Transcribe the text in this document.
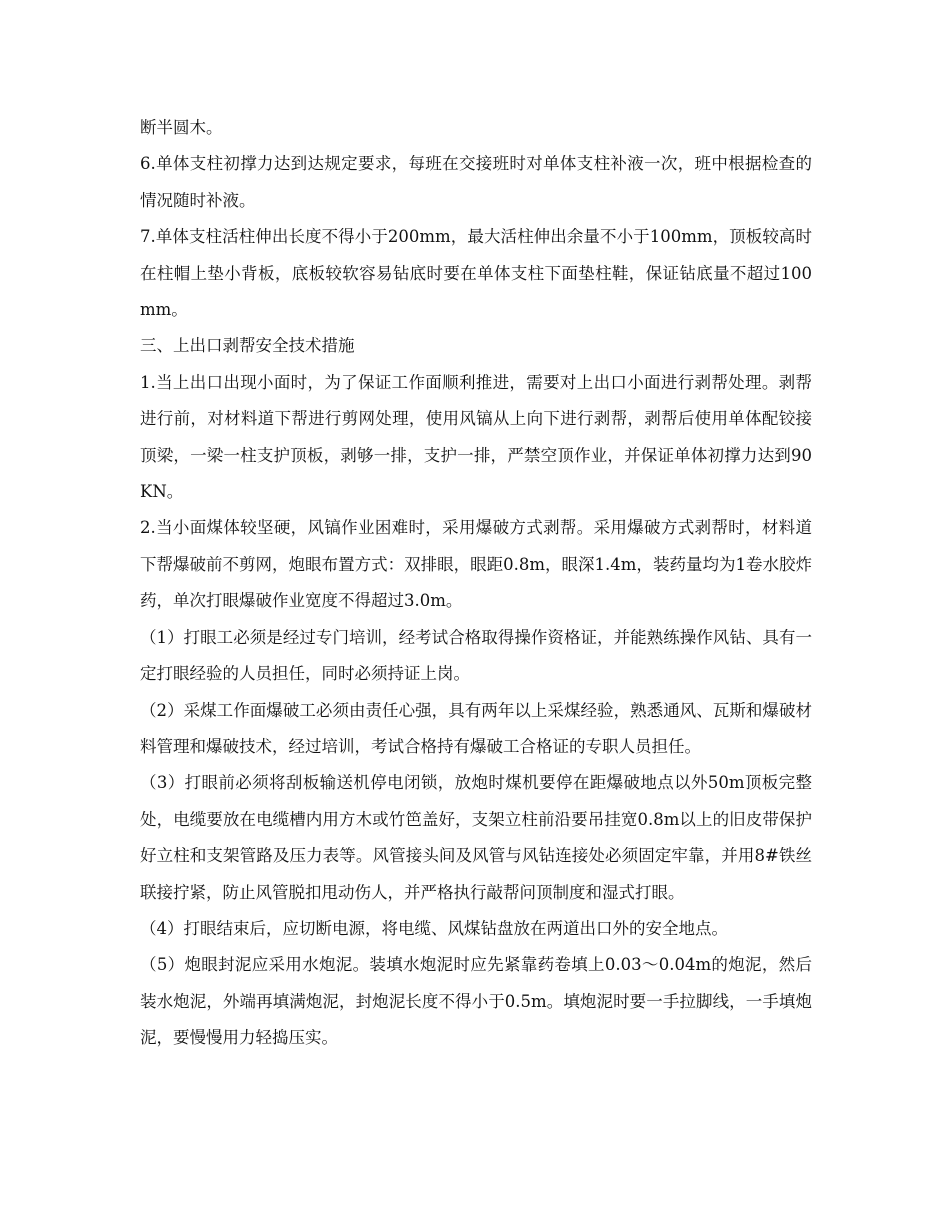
断半圆木。

6.单体支柱初撑力达到达规定要求，每班在交接班时对单体支柱补液一次，班中根据检查的情况随时补液。

7.单体支柱活柱伸出长度不得小于200mm，最大活柱伸出余量不小于100mm，顶板较高时在柱帽上垫小背板，底板较软容易钻底时要在单体支柱下面垫柱鞋，保证钻底量不超过100mm。

三、上出口剥帮安全技术措施

1.当上出口出现小面时，为了保证工作面顺利推进，需要对上出口小面进行剥帮处理。剥帮进行前，对材料道下帮进行剪网处理，使用风镐从上向下进行剥帮，剥帮后使用单体配铰接顶梁，一梁一柱支护顶板，剥够一排，支护一排，严禁空顶作业，并保证单体初撑力达到90KN。

2.当小面煤体较坚硬，风镐作业困难时，采用爆破方式剥帮。采用爆破方式剥帮时，材料道下帮爆破前不剪网，炮眼布置方式：双排眼，眼距0.8m，眼深1.4m，装药量均为1卷水胶炸药，单次打眼爆破作业宽度不得超过3.0m。

（1）打眼工必须是经过专门培训，经考试合格取得操作资格证，并能熟练操作风钻、具有一定打眼经验的人员担任，同时必须持证上岗。

（2）采煤工作面爆破工必须由责任心强，具有两年以上采煤经验，熟悉通风、瓦斯和爆破材料管理和爆破技术，经过培训，考试合格持有爆破工合格证的专职人员担任。

（3）打眼前必须将刮板输送机停电闭锁，放炮时煤机要停在距爆破地点以外50m顶板完整处，电缆要放在电缆槽内用方木或竹笆盖好，支架立柱前沿要吊挂宽0.8m以上的旧皮带保护好立柱和支架管路及压力表等。风管接头间及风管与风钻连接处必须固定牢靠，并用8#铁丝联接拧紧，防止风管脱扣甩动伤人，并严格执行敲帮问顶制度和湿式打眼。

（4）打眼结束后，应切断电源，将电缆、风煤钻盘放在两道出口外的安全地点。

（5）炮眼封泥应采用水炮泥。装填水炮泥时应先紧靠药卷填上0.03～0.04m的炮泥，然后装水炮泥，外端再填满炮泥，封炮泥长度不得小于0.5m。填炮泥时要一手拉脚线，一手填炮泥，要慢慢用力轻捣压实。
